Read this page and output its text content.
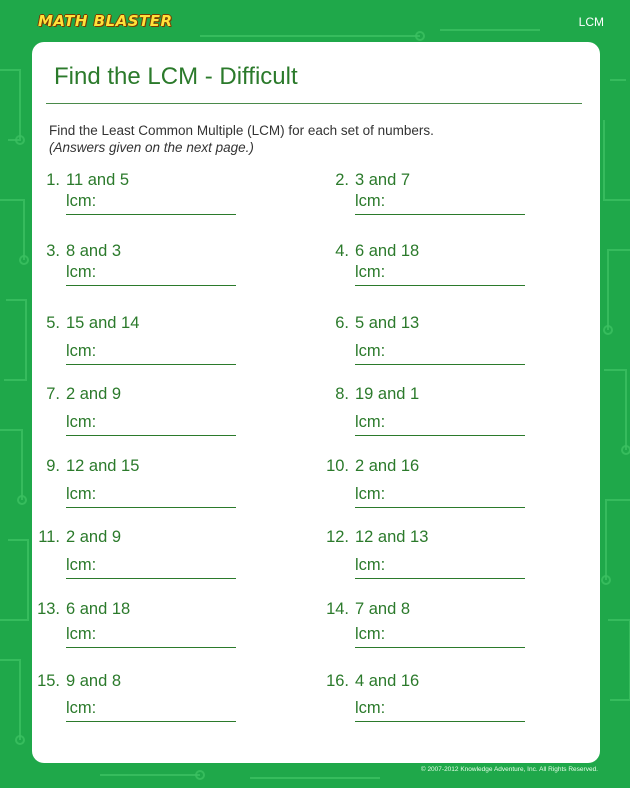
MATH BLASTER	LCM
Find the LCM - Difficult
Find the Least Common Multiple (LCM) for each set of numbers.
(Answers given on the next page.)
1. 11 and 5
lcm:
2. 3 and 7
lcm:
3. 8 and 3
lcm:
4. 6 and 18
lcm:
5. 15 and 14
lcm:
6. 5 and 13
lcm:
7. 2 and 9
lcm:
8. 19 and 1
lcm:
9. 12 and 15
lcm:
10. 2 and 16
lcm:
11. 2 and 9
lcm:
12. 12 and 13
lcm:
13. 6 and 18
lcm:
14. 7 and 8
lcm:
15. 9 and 8
lcm:
16. 4 and 16
lcm:
© 2007-2012 Knowledge Adventure, Inc. All Rights Reserved.
